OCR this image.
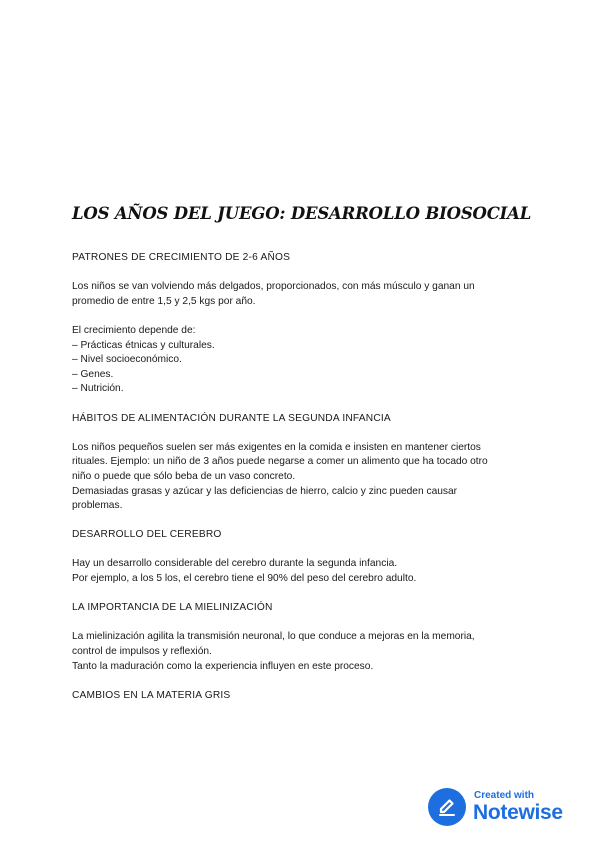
LOS AÑOS DEL JUEGO: DESARROLLO BIOSOCIAL

PATRONES DE CRECIMIENTO DE 2-6 AÑOS

Los niños se van volviendo más delgados, proporcionados, con más músculo y ganan un
promedio de entre 1,5 y 2,5 kgs por año.

El crecimiento depende de:
– Prácticas étnicas y culturales.
– Nivel socioeconómico.
– Genes.
– Nutrición.

HÁBITOS DE ALIMENTACIÓN DURANTE LA SEGUNDA INFANCIA

Los niños pequeños suelen ser más exigentes en la comida e insisten en mantener ciertos
rituales. Ejemplo: un niño de 3 años puede negarse a comer un alimento que ha tocado otro
niño o puede que sólo beba de un vaso concreto.
Demasiadas grasas y azúcar y las deficiencias de hierro, calcio y zinc pueden causar
problemas.

DESARROLLO DEL CEREBRO

Hay un desarrollo considerable del cerebro durante la segunda infancia.
Por ejemplo, a los 5 los, el cerebro tiene el 90% del peso del cerebro adulto.

LA IMPORTANCIA DE LA MIELINIZACIÓN

La mielinización agilita la transmisión neuronal, lo que conduce a mejoras en la memoria,
control de impulsos y reflexión.
Tanto la maduración como la experiencia influyen en este proceso.

CAMBIOS EN LA MATERIA GRIS

Created with
Notewise
